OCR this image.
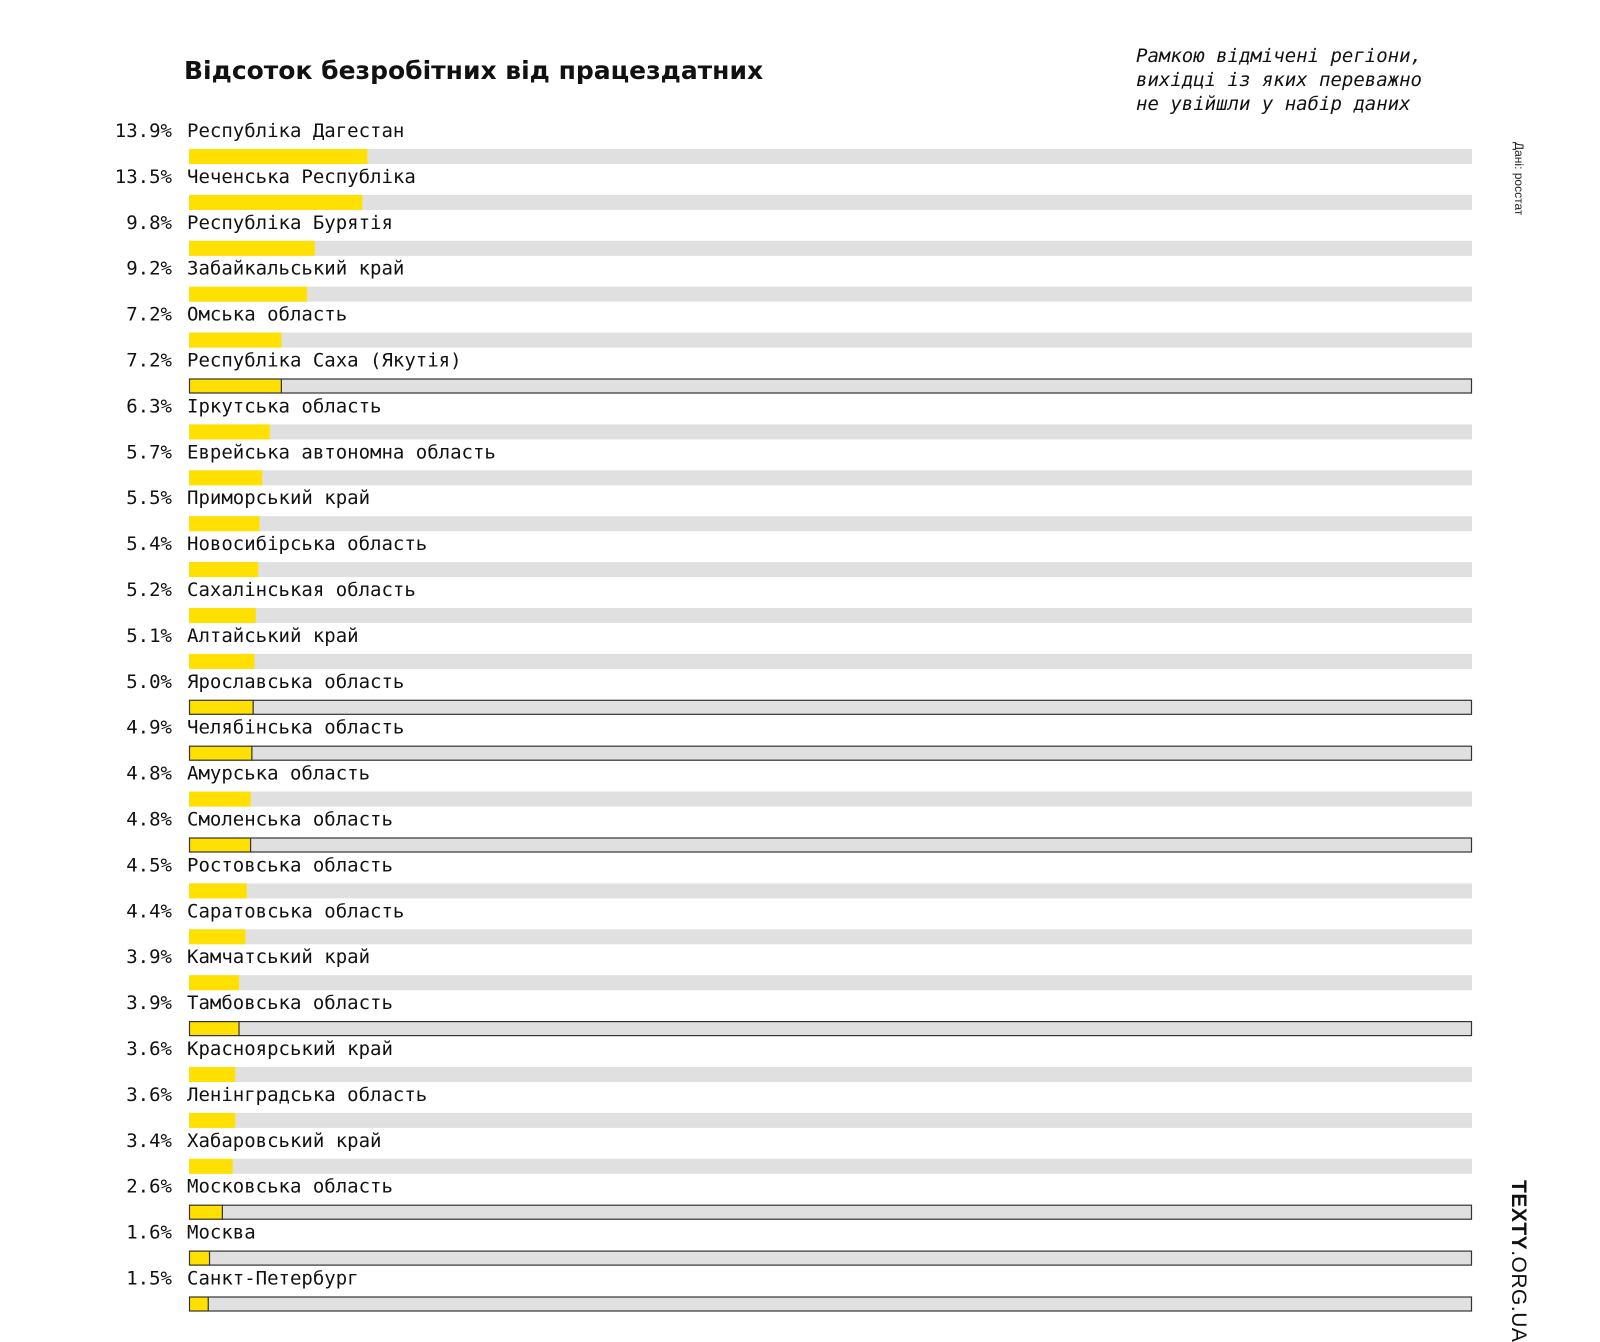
Відсоток безробітних від працездатних	Рамкою відмічені регіони,
вихідці із яких переважно
не увійшли у набір даних
Дані: росстат
TEXTY.ORG.UA
13.9% Республіка Дагестан
13.5% Чеченська Республіка
9.8% Республіка Бурятія
9.2% Забайкальський край
7.2% Омська область
7.2% Республіка Саха (Якутія)
6.3% Іркутська область
5.7% Еврейська автономна область
5.5% Приморський край
5.4% Новосибірська область
5.2% Сахалінськая область
5.1% Алтайський край
5.0% Ярославська область
4.9% Челябінська область
4.8% Амурська область
4.8% Смоленська область
4.5% Ростовська область
4.4% Саратовська область
3.9% Камчатський край
3.9% Тамбовська область
3.6% Красноярський край
3.6% Ленінградська область
3.4% Хабаровський край
2.6% Московська область
1.6% Москва
1.5% Санкт-Петербург
